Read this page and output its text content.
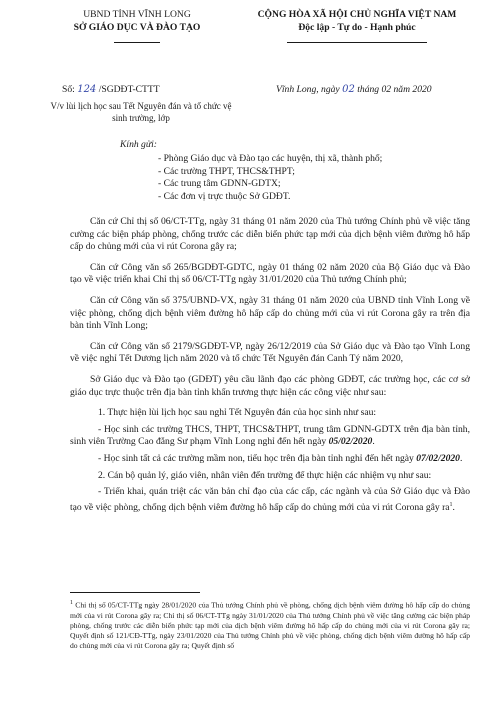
UBND TỈNH VĨNH LONG
SỞ GIÁO DỤC VÀ ĐÀO TẠO
CỘNG HÒA XÃ HỘI CHỦ NGHĨA VIỆT NAM
Độc lập - Tự do - Hạnh phúc
Số: 124 /SGDĐT-CTTT	Vĩnh Long, ngày 02 tháng 02 năm 2020
V/v lùi lịch học sau Tết Nguyên đán và tổ chức vệ sinh trường, lớp
Kính gửi:
- Phòng Giáo dục và Đào tạo các huyện, thị xã, thành phố;
- Các trường THPT, THCS&THPT;
- Các trung tâm GDNN-GDTX;
- Các đơn vị trực thuộc Sở GDĐT.

Căn cứ Chỉ thị số 06/CT-TTg, ngày 31 tháng 01 năm 2020 của Thủ tướng Chính phủ về việc tăng cường các biện pháp phòng, chống trước các diễn biến phức tạp mới của dịch bệnh viêm đường hô hấp cấp do chủng mới của vi rút Corona gây ra;

Căn cứ Công văn số 265/BGDĐT-GDTC, ngày 01 tháng 02 năm 2020 của Bộ Giáo dục và Đào tạo về việc triển khai Chỉ thị số 06/CT-TTg ngày 31/01/2020 của Thủ tướng Chính phủ;

Căn cứ Công văn số 375/UBND-VX, ngày 31 tháng 01 năm 2020 của UBND tỉnh Vĩnh Long về việc phòng, chống dịch bệnh viêm đường hô hấp cấp do chủng mới của vi rút Corona gây ra trên địa bàn tỉnh Vĩnh Long;

Căn cứ Công văn số 2179/SGDĐT-VP, ngày 26/12/2019 của Sở Giáo dục và Đào tạo Vĩnh Long về việc nghỉ Tết Dương lịch năm 2020 và tổ chức Tết Nguyên đán Canh Tý năm 2020,

Sở Giáo dục và Đào tạo (GDĐT) yêu cầu lãnh đạo các phòng GDĐT, các trường học, các cơ sở giáo dục trực thuộc trên địa bàn tỉnh khẩn trương thực hiện các công việc như sau:

1. Thực hiện lùi lịch học sau nghỉ Tết Nguyên đán của học sinh như sau:

- Học sinh các trường THCS, THPT, THCS&THPT, trung tâm GDNN-GDTX trên địa bàn tỉnh, sinh viên Trường Cao đẳng Sư phạm Vĩnh Long nghỉ đến hết ngày 05/02/2020.

- Học sinh tất cả các trường mầm non, tiểu học trên địa bàn tỉnh nghỉ đến hết ngày 07/02/2020.

2. Cán bộ quản lý, giáo viên, nhân viên đến trường để thực hiện các nhiệm vụ như sau:

- Triển khai, quán triệt các văn bản chỉ đạo của các cấp, các ngành và của Sở Giáo dục và Đào tạo về việc phòng, chống dịch bệnh viêm đường hô hấp cấp do chủng mới của vi rút Corona gây $ra^1$.

$^1$ Chỉ thị số 05/CT-TTg ngày 28/01/2020 của Thủ tướng Chính phủ về phòng, chống dịch bệnh viêm đường hô hấp cấp do chủng mới của vi rút Corona gây ra; Chỉ thị số 06/CT-TTg ngày 31/01/2020 của Thủ tướng Chính phủ về việc tăng cường các biện pháp phòng, chống trước các diễn biến phức tạp mới của dịch bệnh viêm đường hô hấp cấp do chủng mới của vi rút Corona gây ra; Quyết định số 121/CĐ-TTg, ngày 23/01/2020 của Thủ tướng Chính phủ về việc phòng, chống dịch bệnh viêm đường hô hấp cấp do chủng mới của vi rút Corona gây ra; Quyết định số
